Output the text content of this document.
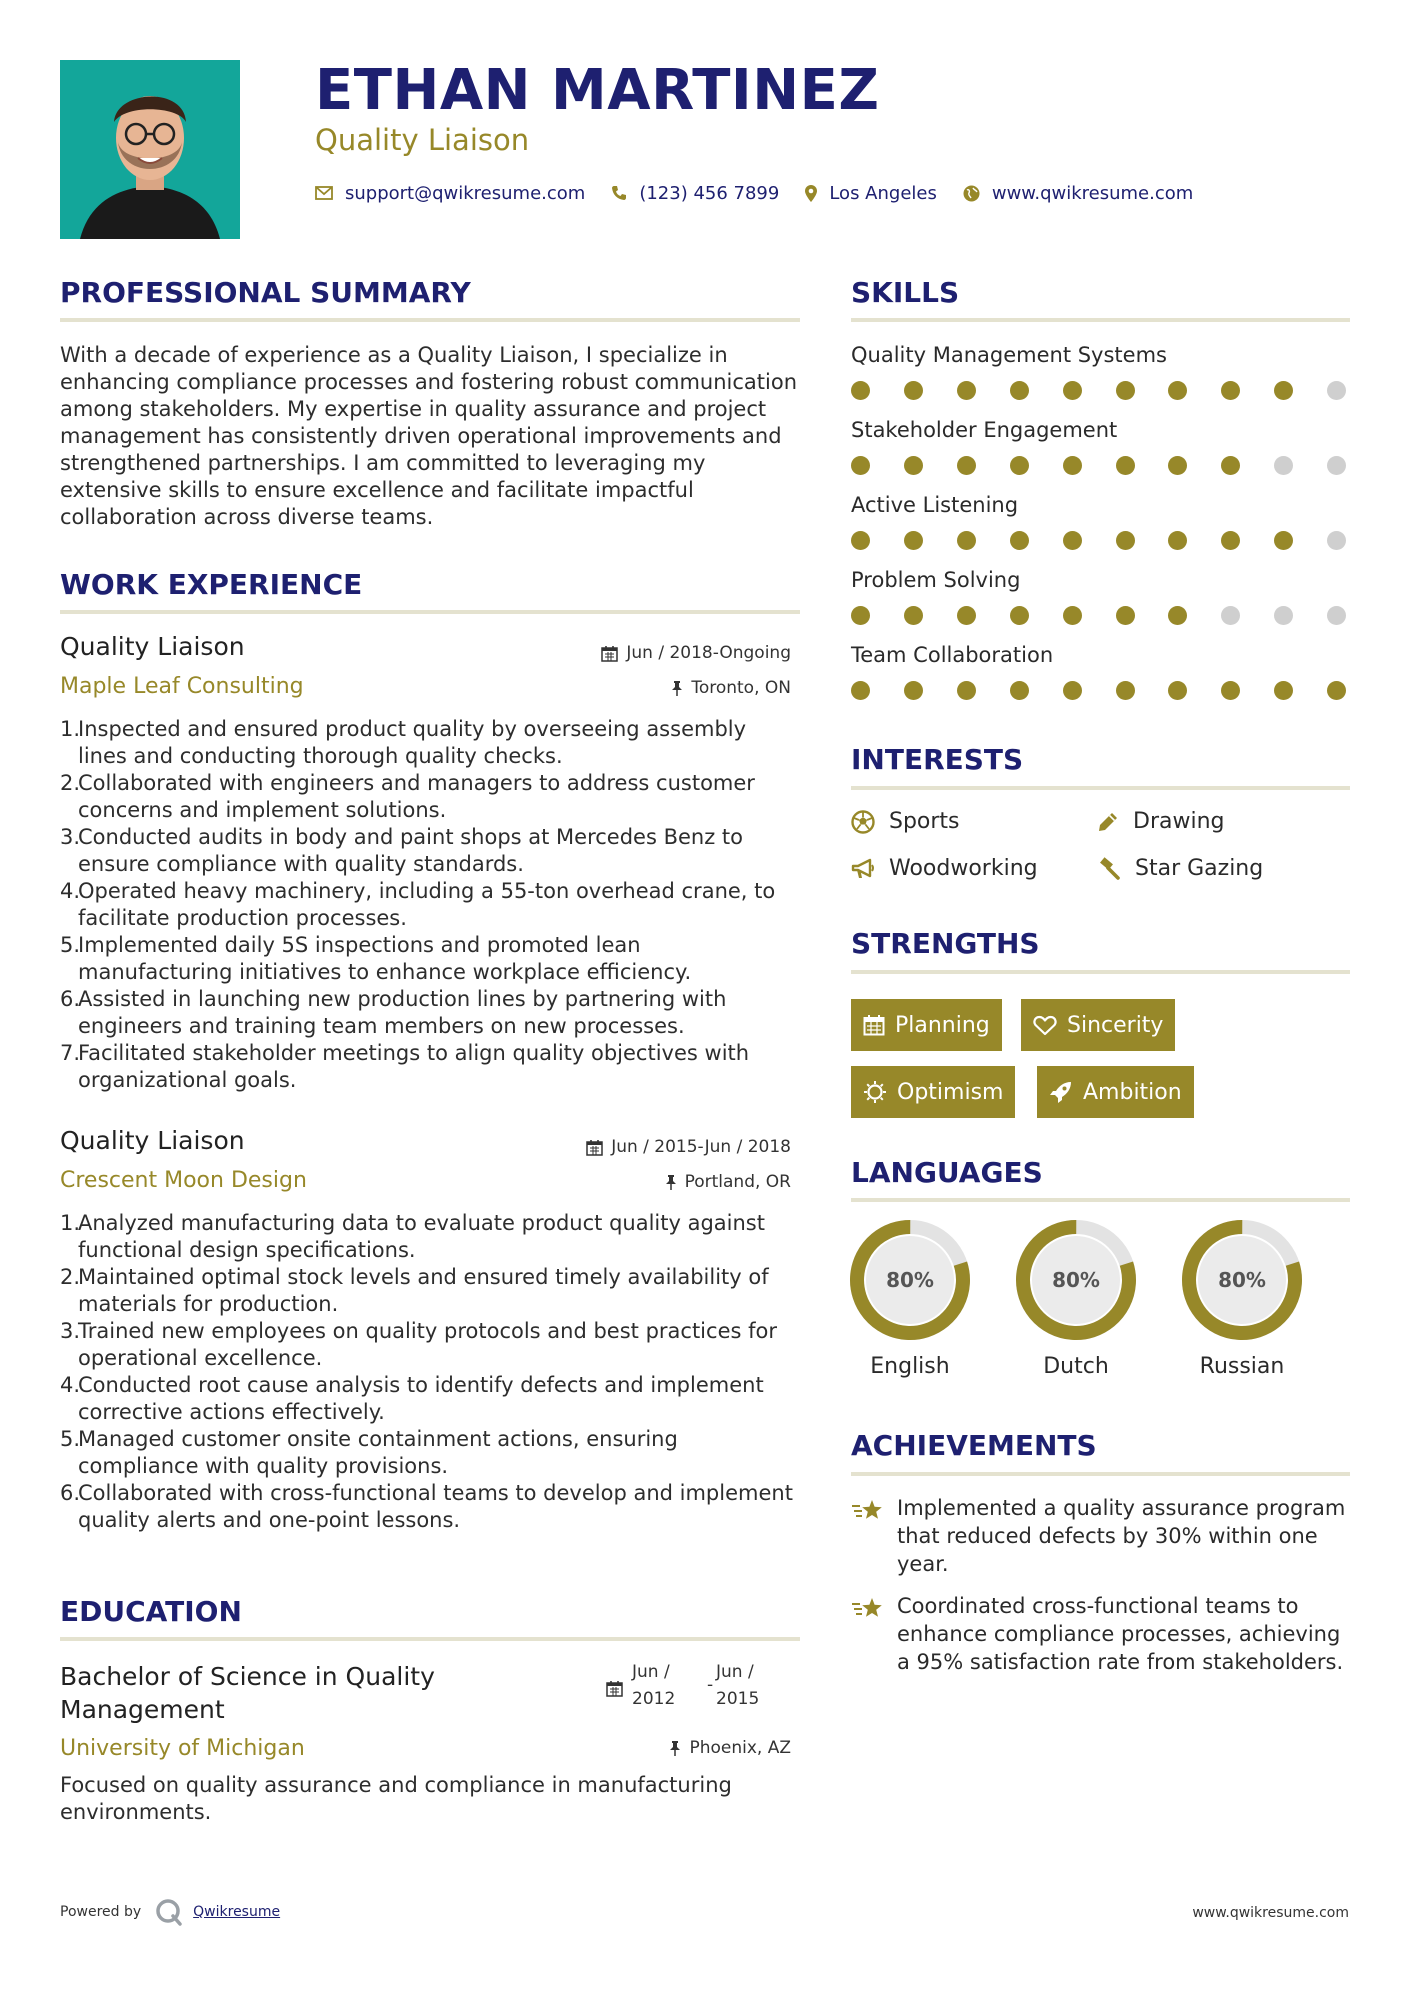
ETHAN MARTINEZ
Quality Liaison
support@qwikresume.com	(123) 456 7899	Los Angeles	www.qwikresume.com
PROFESSIONAL SUMMARY
With a decade of experience as a Quality Liaison, I specialize in enhancing compliance processes and fostering robust communication among stakeholders. My expertise in quality assurance and project management has consistently driven operational improvements and strengthened partnerships. I am committed to leveraging my extensive skills to ensure excellence and facilitate impactful collaboration across diverse teams.
WORK EXPERIENCE
Quality Liaison
Maple Leaf Consulting
Jun / 2018-Ongoing
Toronto, ON
Inspected and ensured product quality by overseeing assembly lines and conducting thorough quality checks.
Collaborated with engineers and managers to address customer concerns and implement solutions.
Conducted audits in body and paint shops at Mercedes Benz to ensure compliance with quality standards.
Operated heavy machinery, including a 55-ton overhead crane, to facilitate production processes.
Implemented daily 5S inspections and promoted lean manufacturing initiatives to enhance workplace efficiency.
Assisted in launching new production lines by partnering with engineers and training team members on new processes.
Facilitated stakeholder meetings to align quality objectives with organizational goals.
Quality Liaison
Crescent Moon Design
Jun / 2015-Jun / 2018
Portland, OR
Analyzed manufacturing data to evaluate product quality against functional design specifications.
Maintained optimal stock levels and ensured timely availability of materials for production.
Trained new employees on quality protocols and best practices for operational excellence.
Conducted root cause analysis to identify defects and implement corrective actions effectively.
Managed customer onsite containment actions, ensuring compliance with quality provisions.
Collaborated with cross-functional teams to develop and implement quality alerts and one-point lessons.
EDUCATION
Bachelor of Science in Quality
Management
University of Michigan
Jun /
2012
-
Jun /
2015
Phoenix, AZ
Focused on quality assurance and compliance in manufacturing environments.
SKILLS
Quality Management Systems
Stakeholder Engagement
Active Listening
Problem Solving
Team Collaboration
INTERESTS
Sports	Drawing
Woodworking	Star Gazing
STRENGTHS
Planning	Sincerity
Optimism	Ambition
LANGUAGES
80%
English
80%
Dutch
80%
Russian
ACHIEVEMENTS
Implemented a quality assurance program that reduced defects by 30% within one year.
Coordinated cross-functional teams to enhance compliance processes, achieving a 95% satisfaction rate from stakeholders.
Powered by	Qwikresume	www.qwikresume.com
